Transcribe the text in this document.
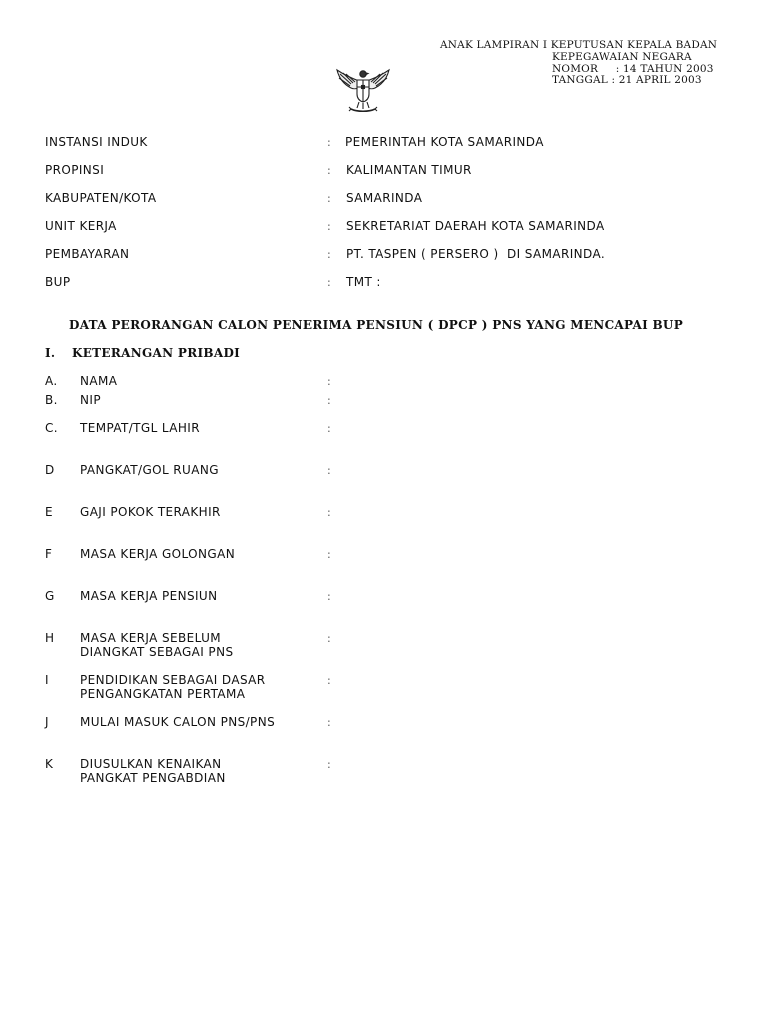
ANAK LAMPIRAN I KEPUTUSAN KEPALA BADAN
KEPEGAWAIAN NEGARA
NOMOR     : 14 TAHUN 2003
TANGGAL : 21 APRIL 2003
INSTANSI INDUK	: PEMERINTAH KOTA SAMARINDA
PROPINSI	: KALIMANTAN TIMUR
KABUPATEN/KOTA	: SAMARINDA
UNIT KERJA	: SEKRETARIAT DAERAH KOTA SAMARINDA
PEMBAYARAN	: PT. TASPEN ( PERSERO )  DI SAMARINDA.
BUP	: TMT :
DATA PERORANGAN CALON PENERIMA PENSIUN ( DPCP ) PNS YANG MENCAPAI BUP
I. KETERANGAN PRIBADI
A. NAMA	:
B. NIP	:
C. TEMPAT/TGL LAHIR	:
D PANGKAT/GOL RUANG	:
E GAJI POKOK TERAKHIR	:
F MASA KERJA GOLONGAN	:
G MASA KERJA PENSIUN	:
H MASA KERJA SEBELUM
DIANGKAT SEBAGAI PNS
:
I	PENDIDIKAN SEBAGAI DASAR
PENGANGKATAN PERTAMA
:
J	MULAI MASUK CALON PNS/PNS	:
K DIUSULKAN KENAIKAN
PANGKAT PENGABDIAN
:
